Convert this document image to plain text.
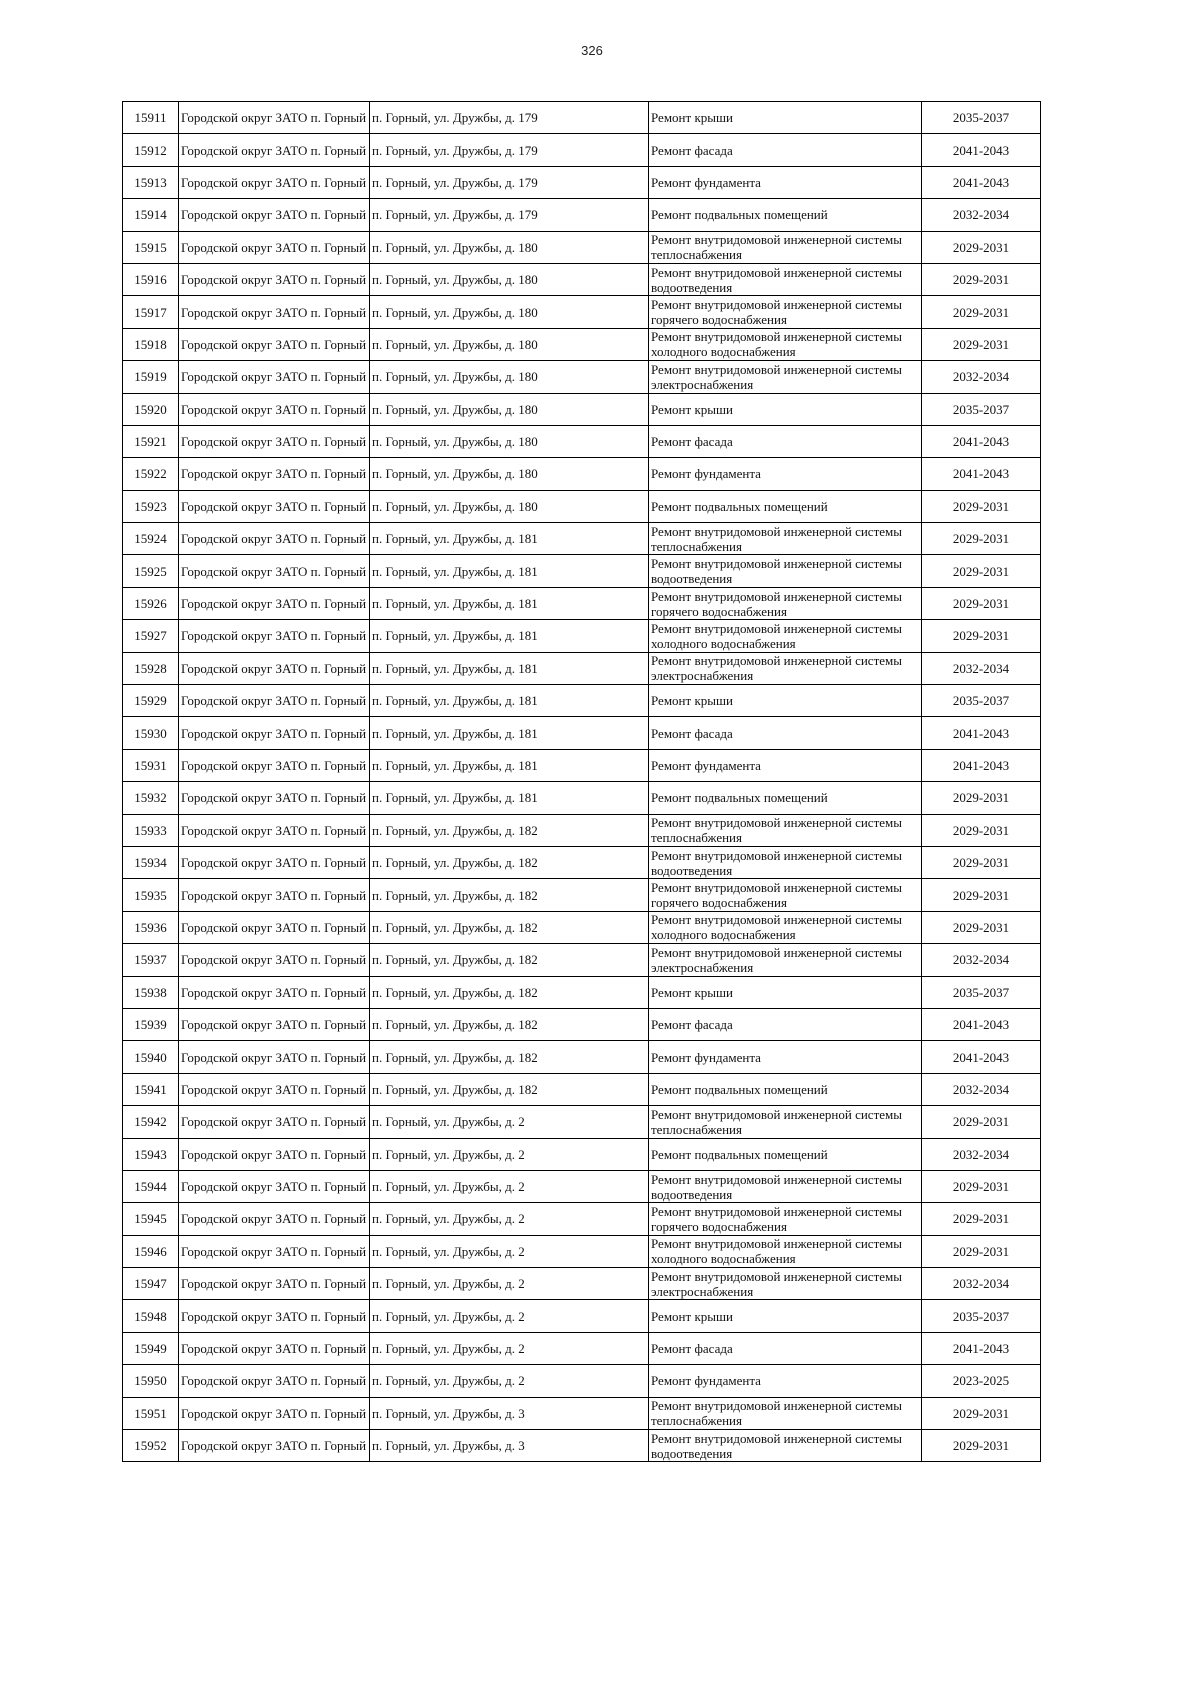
326
15911	Городской округ ЗАТО п. Горный	п. Горный, ул. Дружбы, д. 179	Ремонт крыши	2035-2037
15912	Городской округ ЗАТО п. Горный	п. Горный, ул. Дружбы, д. 179	Ремонт фасада	2041-2043
15913	Городской округ ЗАТО п. Горный	п. Горный, ул. Дружбы, д. 179	Ремонт фундамента	2041-2043
15914	Городской округ ЗАТО п. Горный	п. Горный, ул. Дружбы, д. 179	Ремонт подвальных помещений	2032-2034
15915	Городской округ ЗАТО п. Горный	п. Горный, ул. Дружбы, д. 180	Ремонт внутридомовой инженерной системы теплоснабжения	2029-2031
15916	Городской округ ЗАТО п. Горный	п. Горный, ул. Дружбы, д. 180	Ремонт внутридомовой инженерной системы водоотведения	2029-2031
15917	Городской округ ЗАТО п. Горный	п. Горный, ул. Дружбы, д. 180	Ремонт внутридомовой инженерной системы горячего водоснабжения	2029-2031
15918	Городской округ ЗАТО п. Горный	п. Горный, ул. Дружбы, д. 180	Ремонт внутридомовой инженерной системы холодного водоснабжения	2029-2031
15919	Городской округ ЗАТО п. Горный	п. Горный, ул. Дружбы, д. 180	Ремонт внутридомовой инженерной системы электроснабжения	2032-2034
15920	Городской округ ЗАТО п. Горный	п. Горный, ул. Дружбы, д. 180	Ремонт крыши	2035-2037
15921	Городской округ ЗАТО п. Горный	п. Горный, ул. Дружбы, д. 180	Ремонт фасада	2041-2043
15922	Городской округ ЗАТО п. Горный	п. Горный, ул. Дружбы, д. 180	Ремонт фундамента	2041-2043
15923	Городской округ ЗАТО п. Горный	п. Горный, ул. Дружбы, д. 180	Ремонт подвальных помещений	2029-2031
15924	Городской округ ЗАТО п. Горный	п. Горный, ул. Дружбы, д. 181	Ремонт внутридомовой инженерной системы теплоснабжения	2029-2031
15925	Городской округ ЗАТО п. Горный	п. Горный, ул. Дружбы, д. 181	Ремонт внутридомовой инженерной системы водоотведения	2029-2031
15926	Городской округ ЗАТО п. Горный	п. Горный, ул. Дружбы, д. 181	Ремонт внутридомовой инженерной системы горячего водоснабжения	2029-2031
15927	Городской округ ЗАТО п. Горный	п. Горный, ул. Дружбы, д. 181	Ремонт внутридомовой инженерной системы холодного водоснабжения	2029-2031
15928	Городской округ ЗАТО п. Горный	п. Горный, ул. Дружбы, д. 181	Ремонт внутридомовой инженерной системы электроснабжения	2032-2034
15929	Городской округ ЗАТО п. Горный	п. Горный, ул. Дружбы, д. 181	Ремонт крыши	2035-2037
15930	Городской округ ЗАТО п. Горный	п. Горный, ул. Дружбы, д. 181	Ремонт фасада	2041-2043
15931	Городской округ ЗАТО п. Горный	п. Горный, ул. Дружбы, д. 181	Ремонт фундамента	2041-2043
15932	Городской округ ЗАТО п. Горный	п. Горный, ул. Дружбы, д. 181	Ремонт подвальных помещений	2029-2031
15933	Городской округ ЗАТО п. Горный	п. Горный, ул. Дружбы, д. 182	Ремонт внутридомовой инженерной системы теплоснабжения	2029-2031
15934	Городской округ ЗАТО п. Горный	п. Горный, ул. Дружбы, д. 182	Ремонт внутридомовой инженерной системы водоотведения	2029-2031
15935	Городской округ ЗАТО п. Горный	п. Горный, ул. Дружбы, д. 182	Ремонт внутридомовой инженерной системы горячего водоснабжения	2029-2031
15936	Городской округ ЗАТО п. Горный	п. Горный, ул. Дружбы, д. 182	Ремонт внутридомовой инженерной системы холодного водоснабжения	2029-2031
15937	Городской округ ЗАТО п. Горный	п. Горный, ул. Дружбы, д. 182	Ремонт внутридомовой инженерной системы электроснабжения	2032-2034
15938	Городской округ ЗАТО п. Горный	п. Горный, ул. Дружбы, д. 182	Ремонт крыши	2035-2037
15939	Городской округ ЗАТО п. Горный	п. Горный, ул. Дружбы, д. 182	Ремонт фасада	2041-2043
15940	Городской округ ЗАТО п. Горный	п. Горный, ул. Дружбы, д. 182	Ремонт фундамента	2041-2043
15941	Городской округ ЗАТО п. Горный	п. Горный, ул. Дружбы, д. 182	Ремонт подвальных помещений	2032-2034
15942	Городской округ ЗАТО п. Горный	п. Горный, ул. Дружбы, д. 2	Ремонт внутридомовой инженерной системы теплоснабжения	2029-2031
15943	Городской округ ЗАТО п. Горный	п. Горный, ул. Дружбы, д. 2	Ремонт подвальных помещений	2032-2034
15944	Городской округ ЗАТО п. Горный	п. Горный, ул. Дружбы, д. 2	Ремонт внутридомовой инженерной системы водоотведения	2029-2031
15945	Городской округ ЗАТО п. Горный	п. Горный, ул. Дружбы, д. 2	Ремонт внутридомовой инженерной системы горячего водоснабжения	2029-2031
15946	Городской округ ЗАТО п. Горный	п. Горный, ул. Дружбы, д. 2	Ремонт внутридомовой инженерной системы холодного водоснабжения	2029-2031
15947	Городской округ ЗАТО п. Горный	п. Горный, ул. Дружбы, д. 2	Ремонт внутридомовой инженерной системы электроснабжения	2032-2034
15948	Городской округ ЗАТО п. Горный	п. Горный, ул. Дружбы, д. 2	Ремонт крыши	2035-2037
15949	Городской округ ЗАТО п. Горный	п. Горный, ул. Дружбы, д. 2	Ремонт фасада	2041-2043
15950	Городской округ ЗАТО п. Горный	п. Горный, ул. Дружбы, д. 2	Ремонт фундамента	2023-2025
15951	Городской округ ЗАТО п. Горный	п. Горный, ул. Дружбы, д. 3	Ремонт внутридомовой инженерной системы теплоснабжения	2029-2031
15952	Городской округ ЗАТО п. Горный	п. Горный, ул. Дружбы, д. 3	Ремонт внутридомовой инженерной системы водоотведения	2029-2031
